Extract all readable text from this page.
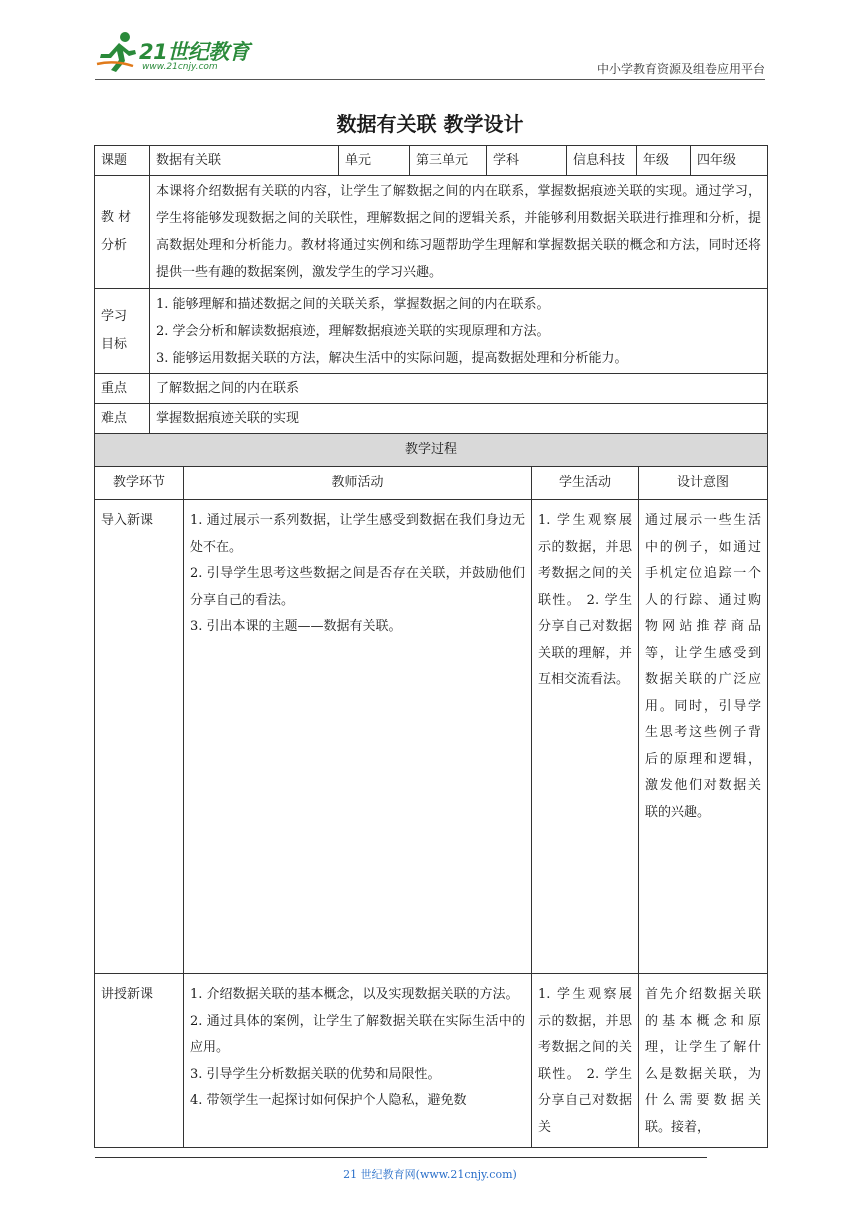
21世纪教育
www.21cnjy.com	中小学教育资源及组卷应用平台
数据有关联 教学设计
课题	数据有关联	单元	第三单元	学科	信息科技	年级	四年级
教 材 分析	本课将介绍数据有关联的内容，让学生了解数据之间的内在联系，掌握数据痕迹关联的实现。通过学习，学生将能够发现数据之间的关联性，理解数据之间的逻辑关系，并能够利用数据关联进行推理和分析，提高数据处理和分析能力。教材将通过实例和练习题帮助学生理解和掌握数据关联的概念和方法，同时还将提供一些有趣的数据案例，激发学生的学习兴趣。						
学习 目标	1. 能够理解和描述数据之间的关联关系，掌握数据之间的内在联系。
2. 学会分析和解读数据痕迹，理解数据痕迹关联的实现原理和方法。
3. 能够运用数据关联的方法，解决生活中的实际问题，提高数据处理和分析能力。						

重点	了解数据之间的内在联系						
难点	掌握数据痕迹关联的实现						
教学过程			
教学环节	教师活动	学生活动	设计意图
导入新课	1. 通过展示一系列数据，让学生感受到数据在我们身边无处不在。
2. 引导学生思考这些数据之间是否存在关联，并鼓励他们分享自己的看法。
3. 引出本课的主题——数据有关联。	1. 学生观察展示的数据，并思考数据之间的关联性。 2. 学生分享自己对数据关联的理解，并互相交流看法。	通过展示一些生活中的例子，如通过手机定位追踪一个人的行踪、通过购物网站推荐商品等，让学生感受到数据关联的广泛应用。同时，引导学生思考这些例子背后的原理和逻辑，激发他们对数据关联的兴趣。
讲授新课	1. 介绍数据关联的基本概念，以及实现数据关联的方法。
2. 通过具体的案例，让学生了解数据关联在实际生活中的应用。
3. 引导学生分析数据关联的优势和局限性。
4. 带领学生一起探讨如何保护个人隐私，避免数	1. 学生观察展示的数据，并思考数据之间的关联性。 2. 学生分享自己对数据关	首先介绍数据关联的基本概念和原理，让学生了解什么是数据关联，为什么需要数据关联。接着，
21 世纪教育网(www.21cnjy.com)
